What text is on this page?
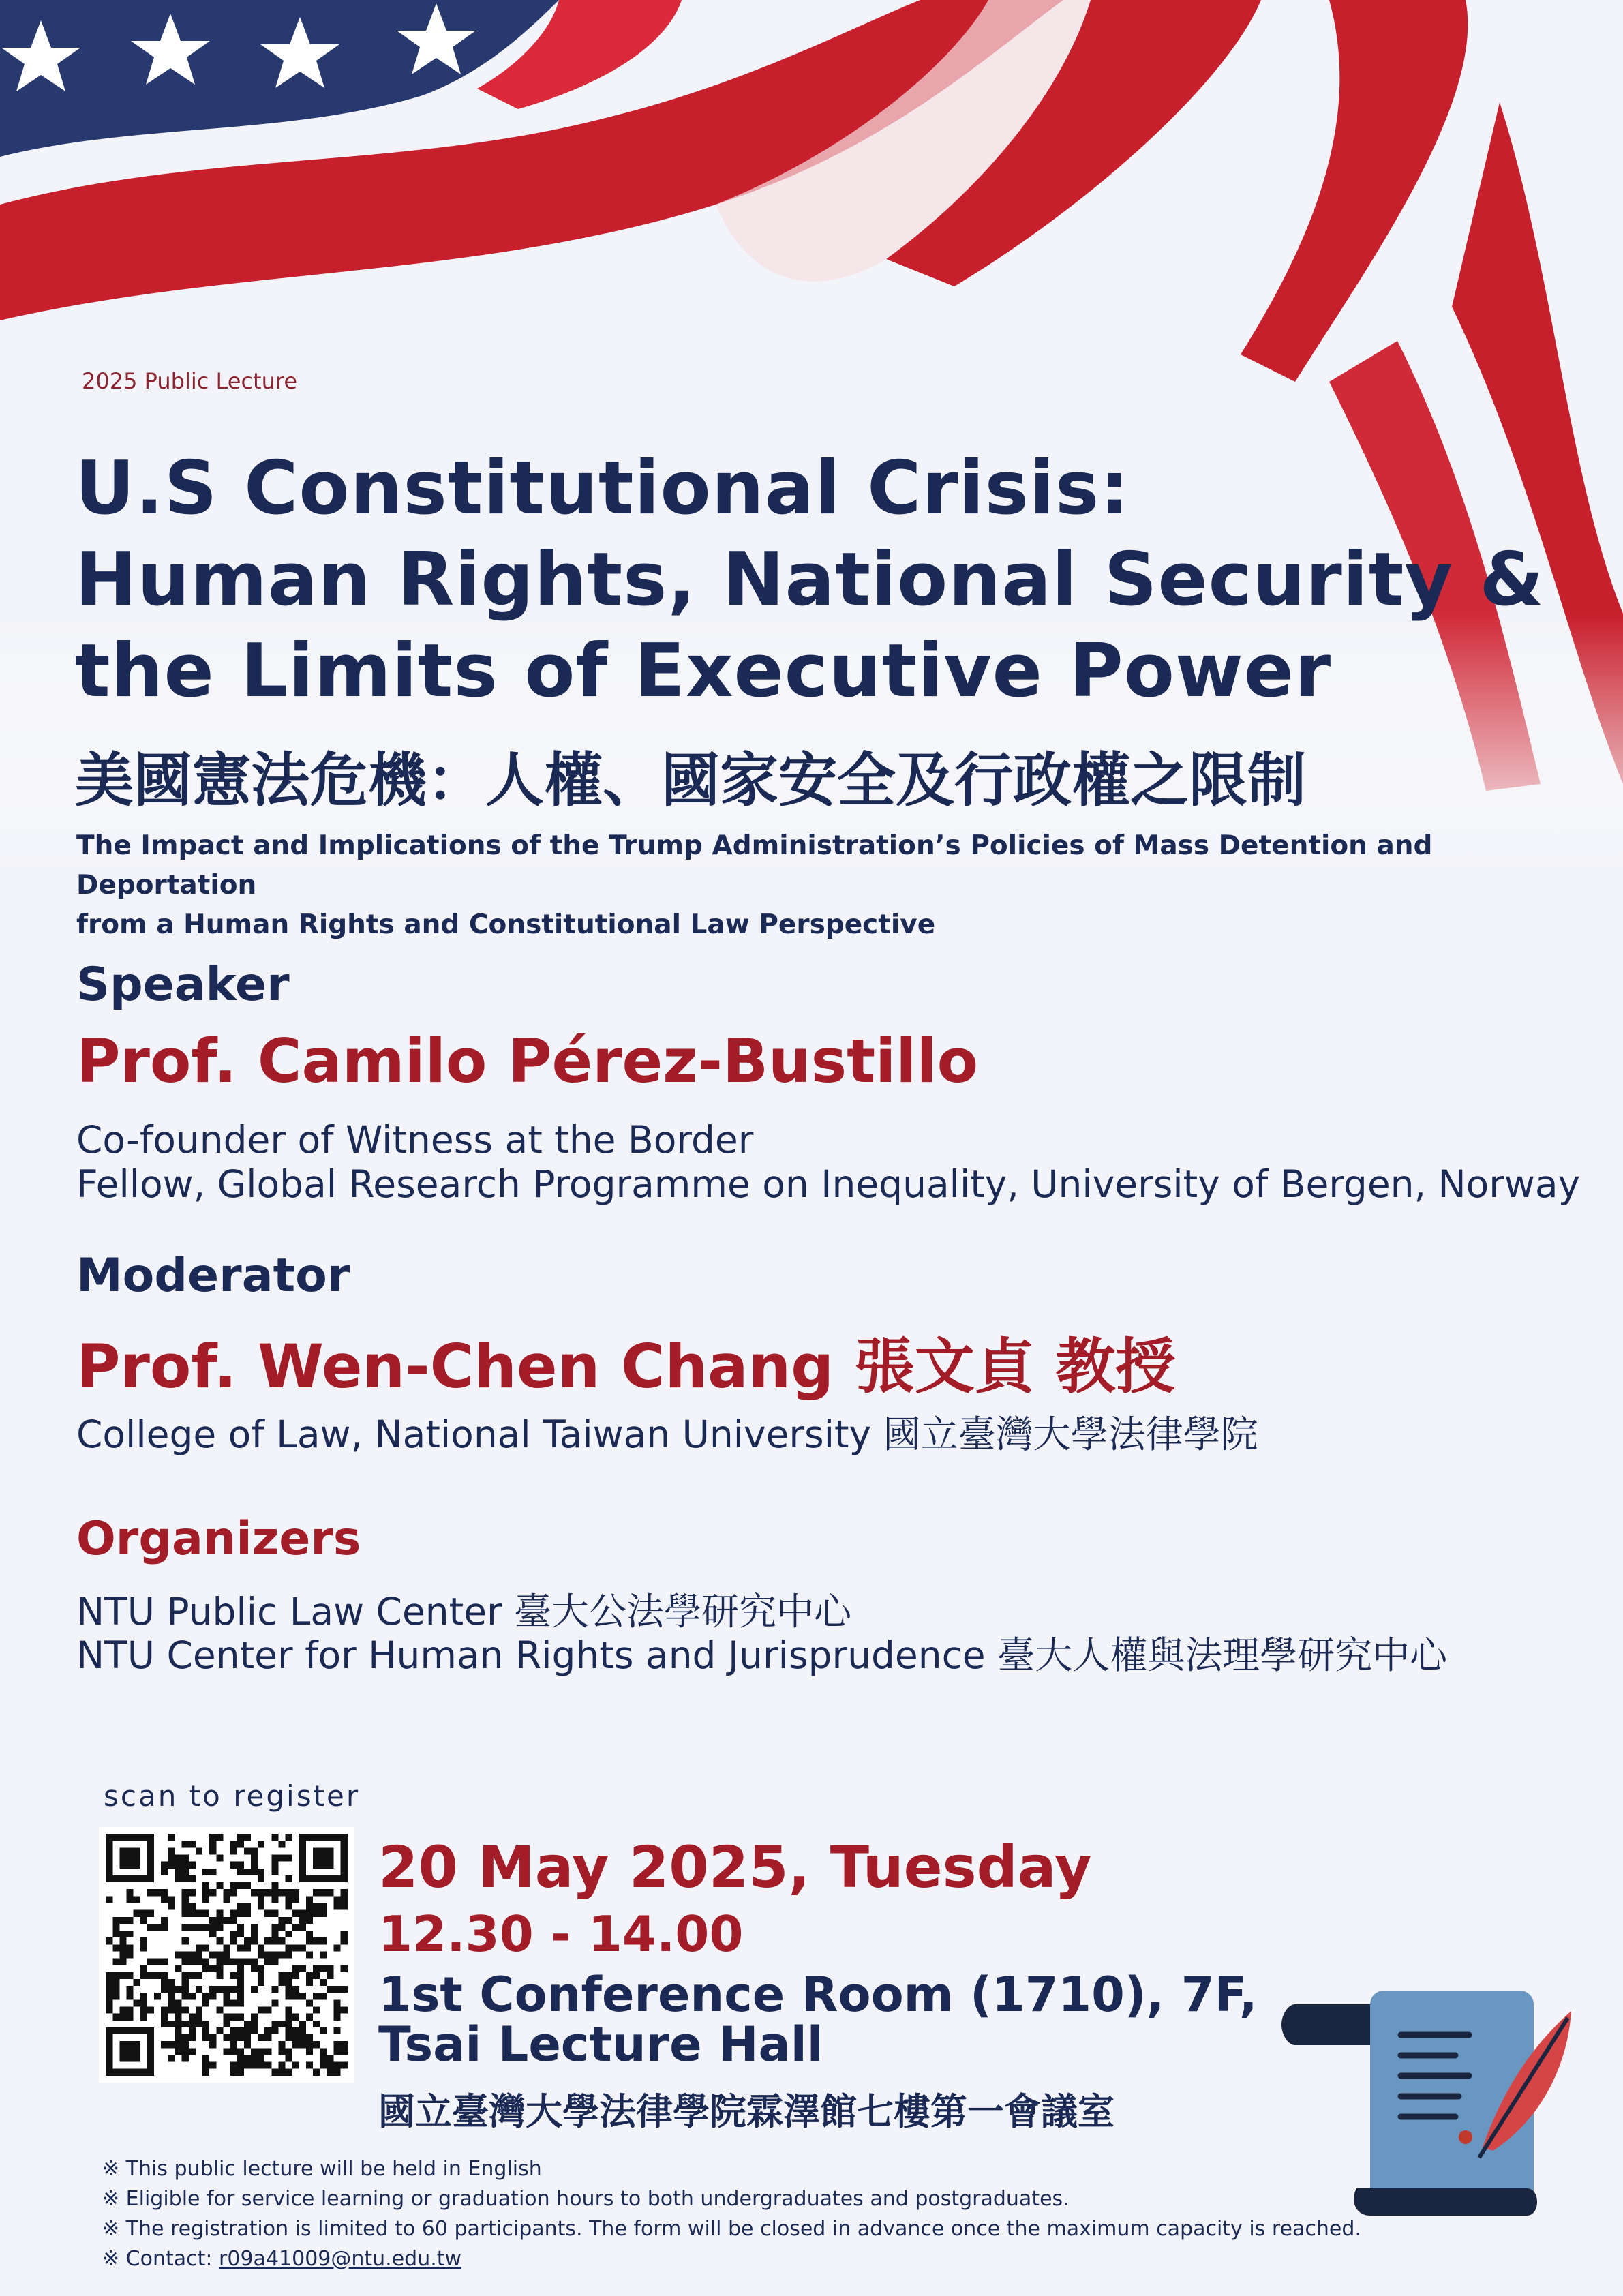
2025 Public Lecture
U.S Constitutional Crisis:
Human Rights, National Security &
the Limits of Executive Power
美國憲法危機：人權、國家安全及行政權之限制
The Impact and Implications of the Trump Administration’s Policies of Mass Detention and Deportation
from a Human Rights and Constitutional Law Perspective
Speaker
Prof. Camilo Pérez-Bustillo
Co-founder of Witness at the Border
Fellow, Global Research Programme on Inequality, University of Bergen, Norway
Moderator
Prof. Wen-Chen Chang 張文貞 教授
College of Law, National Taiwan University 國立臺灣大學法律學院
Organizers
NTU Public Law Center 臺大公法學研究中心
NTU Center for Human Rights and Jurisprudence 臺大人權與法理學研究中心
scan to register
20 May 2025, Tuesday
12.30 - 14.00
1st Conference Room (1710), 7F,
Tsai Lecture Hall
國立臺灣大學法律學院霖澤館七樓第一會議室
※ This public lecture will be held in English
※ Eligible for service learning or graduation hours to both undergraduates and postgraduates.
※ The registration is limited to 60 participants. The form will be closed in advance once the maximum capacity is reached.
※ Contact: r09a41009@ntu.edu.tw
